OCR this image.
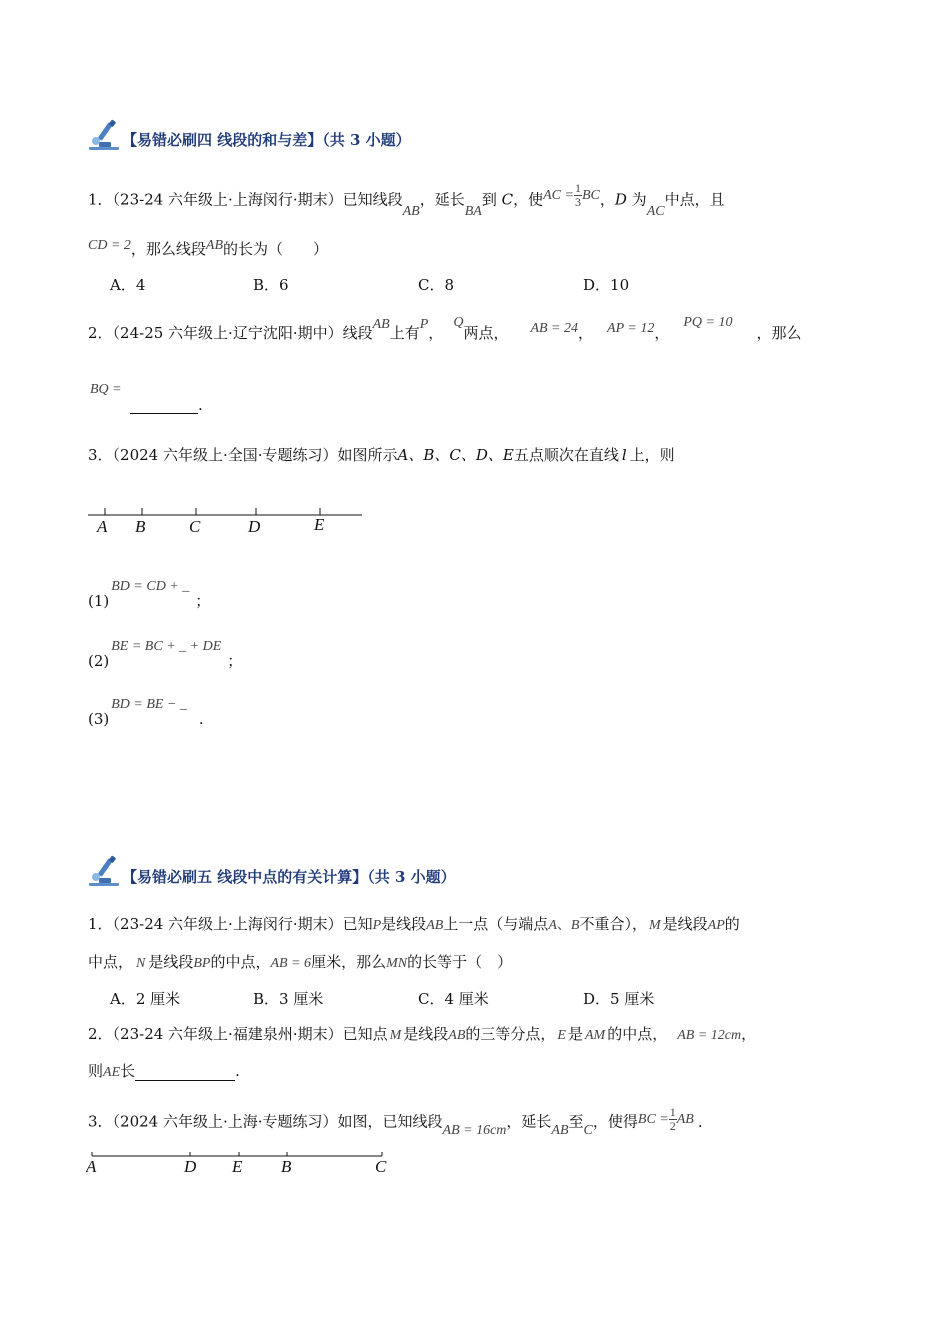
【易错必刷四 线段的和与差】（共 3 小题）
1．（23-24 六年级上·上海闵行·期末）已知线段AB，延长BA到 C，使AC = $\frac{1}{3}$ BC，D 为AC中点，且
CD = 2，那么线段AB的长为（　　）
A．4	B．6	C．8	D．10
2．（24-25 六年级上·辽宁沈阳·期中）线段AB上有P，Q两点， AB = 24， AP = 12，PQ = 10，那么
BQ =
.
3．（2024 六年级上·全国·专题练习）如图所示A、B、C、D、E五点顺次在直线 l 上，则
A B	C	D	E
(1)BD = CD + _；
(2)BE = BC + _ + DE；
(3)BD = BE − _.
【易错必刷五 线段中点的有关计算】（共 3 小题）
1．（23-24 六年级上·上海闵行·期末）已知P是线段AB上一点（与端点A、B不重合）， M 是线段AP的
中点， N 是线段BP的中点，AB = 6厘米，那么MN的长等于（　）
A．2 厘米	B．3 厘米	C．4 厘米	D．5 厘米
2．（23-24 六年级上·福建泉州·期末）已知点 M 是线段AB的三等分点， E 是 AM 的中点， AB = 12cm，
则AE长	.
3．（2024 六年级上·上海·专题练习）如图，已知线段AB = 16cm，延长AB至C，使得BC = $\frac{1}{2}$ AB .
A	D E B	C
